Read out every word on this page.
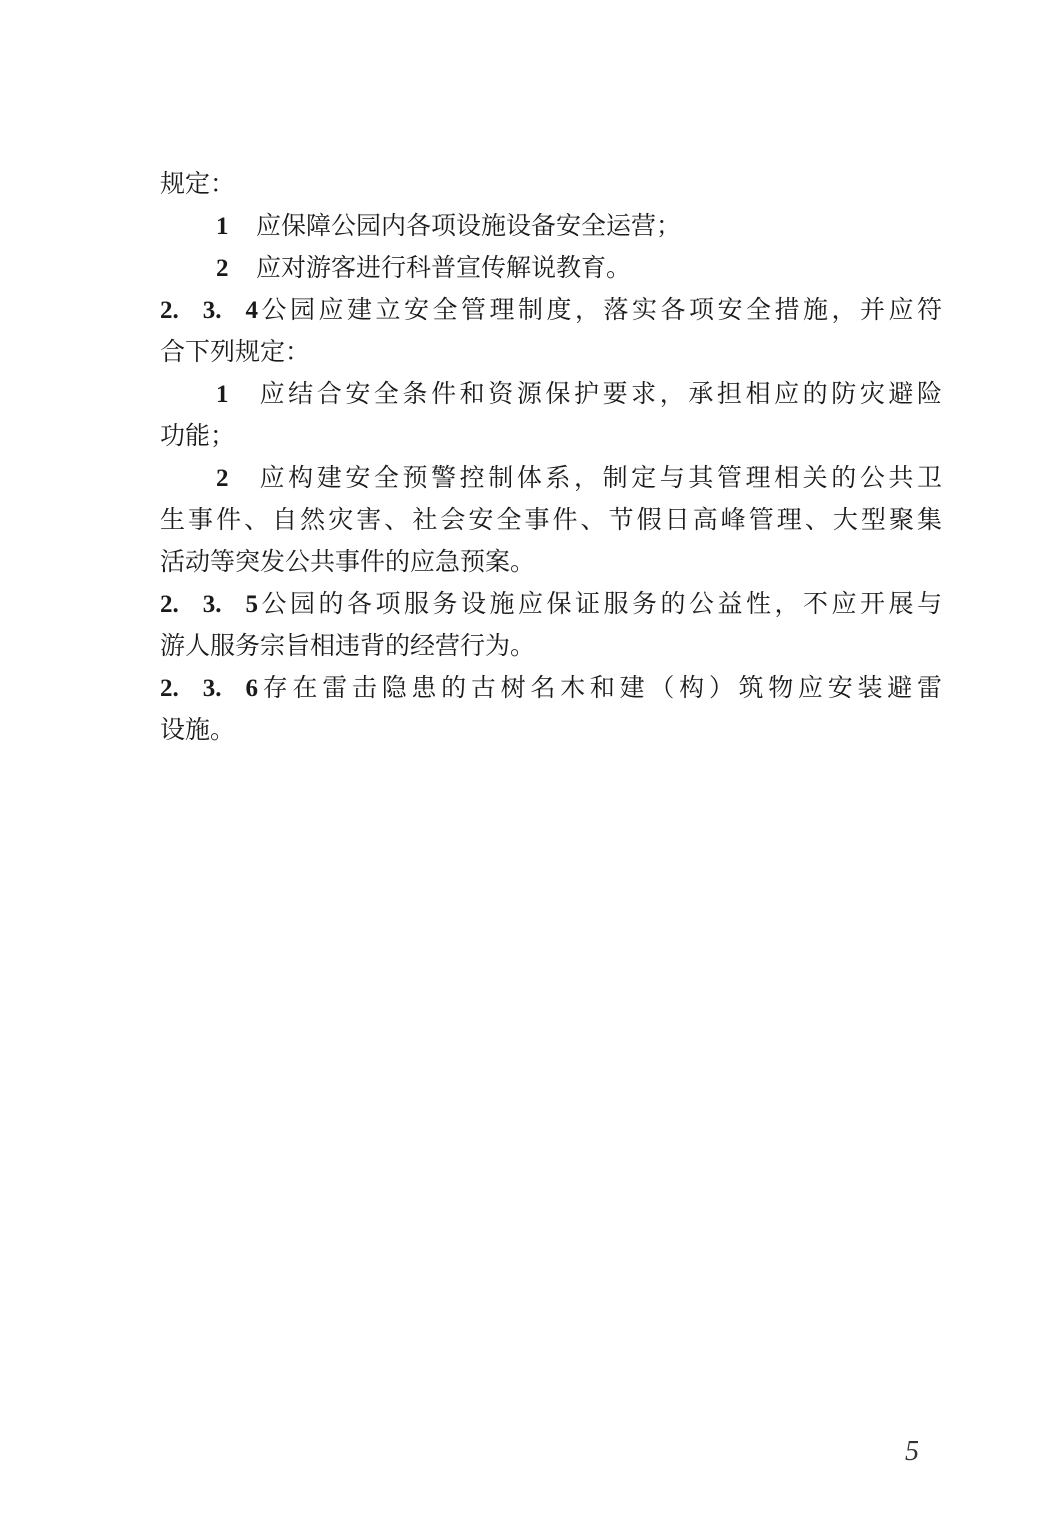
规定：
1 应保障公园内各项设施设备安全运营；
2 应对游客进行科普宣传解说教育。
2. 3. 4公园应建立安全管理制度，落实各项安全措施，并应符
合下列规定：
1 应结合安全条件和资源保护要求，承担相应的防灾避险
功能；
2 应构建安全预警控制体系，制定与其管理相关的公共卫
生事件、自然灾害、社会安全事件、节假日高峰管理、大型聚集
活动等突发公共事件的应急预案。
2. 3. 5公园的各项服务设施应保证服务的公益性，不应开展与
游人服务宗旨相违背的经营行为。
2. 3. 6存在雷击隐患的古树名木和建（构）筑物应安装避雷
设施。
5
